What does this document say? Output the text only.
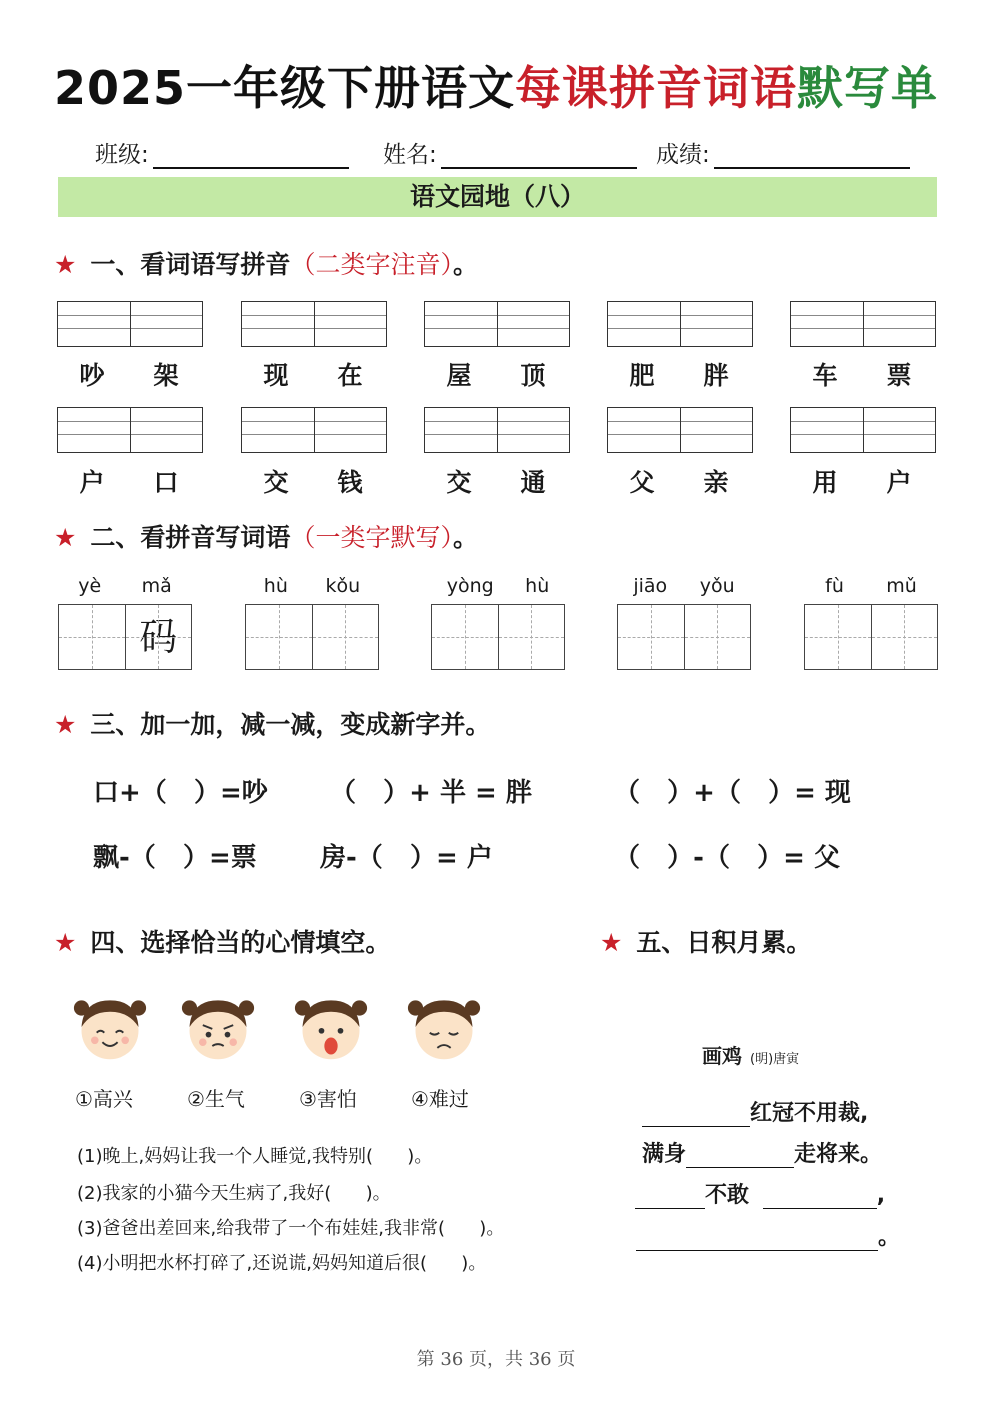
2025一年级下册语文每课拼音词语默写单
班级:	姓名:	成绩:
语文园地（八）
★ 一、看词语写拼音（二类字注音）。
吵 架	现 在	屋 顶	肥 胖	车 票
户 口	交 钱	交 通	父 亲	用 户
★ 二、看拼音写词语（一类字默写）。
yè mǎ
码
hù kǒu	yòng hù	jiāo yǒu	fù mǔ
★ 三、加一加，减一减，变成新字并。
口+（   ）=吵 （   ）+ 半 = 胖	（   ）+（   ）= 现
飘-（   ）=票 房-（   ）= 户	（   ）-（   ）= 父
★ 四、选择恰当的心情填空。
①高兴	②生气	③害怕	④难过
(1)晚上,妈妈让我一个人睡觉,我特别(      )。
(2)我家的小猫今天生病了,我好(      )。
(3)爸爸出差回来,给我带了一个布娃娃,我非常(      )。
(4)小明把水杯打碎了,还说谎,妈妈知道后很(      )。
★ 五、日积月累。
画鸡 (明)唐寅
红冠不用裁,
满身	走将来。
不敢	,
。
第 36 页，共 36 页
